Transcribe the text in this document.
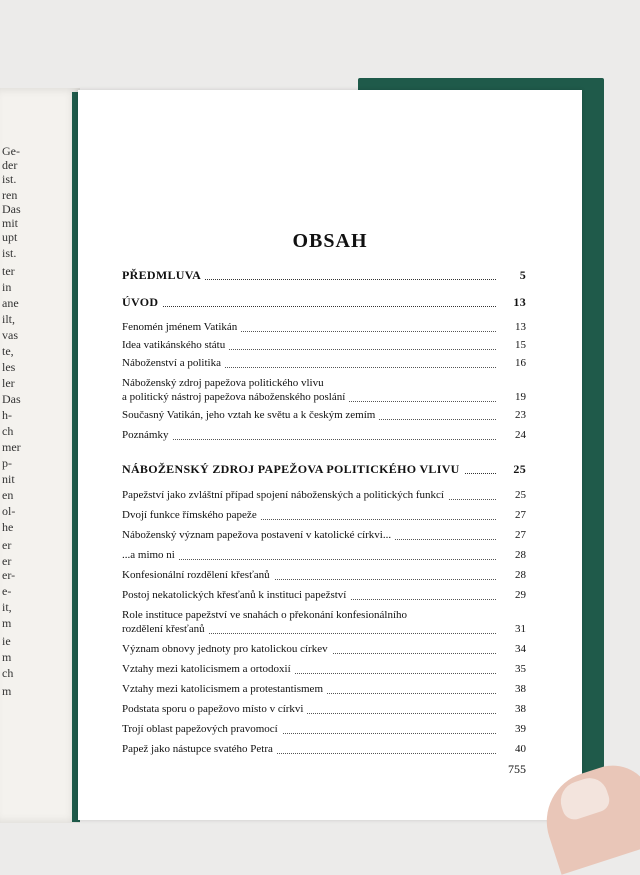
Ge-
der
ist.
ren
Das
mit
upt
ist.
ter
in
ane
ilt,
vas
te,
les
ler
Das
h-
ch
mer
p-
nit
en
ol-
he
er
er
er-
e-
it,
m
ie
m
ch
m
OBSAH
755
PŘEDMLUVA	5
ÚVOD	13
Fenomén jménem Vatikán	13
Idea vatikánského státu	15
Náboženství a politika	16
Náboženský zdroj papežova politického vlivu
a politický nástroj papežova náboženského poslání	19
Současný Vatikán, jeho vztah ke světu a k českým zemím	23
Poznámky	24
NÁBOŽENSKÝ ZDROJ PAPEŽOVA POLITICKÉHO VLIVU	25
Papežství jako zvláštní případ spojení náboženských a politických funkcí	25
Dvojí funkce římského papeže	27
Náboženský význam papežova postavení v katolické církvi...	27
...a mimo ni	28
Konfesionální rozdělení křesťanů	28
Postoj nekatolických křesťanů k instituci papežství	29
Role instituce papežství ve snahách o překonání konfesionálního
rozdělení křesťanů	31
Význam obnovy jednoty pro katolickou církev	34
Vztahy mezi katolicismem a ortodoxií	35
Vztahy mezi katolicismem a protestantismem	38
Podstata sporu o papežovo místo v církvi	38
Trojí oblast papežových pravomocí	39
Papež jako nástupce svatého Petra	40
